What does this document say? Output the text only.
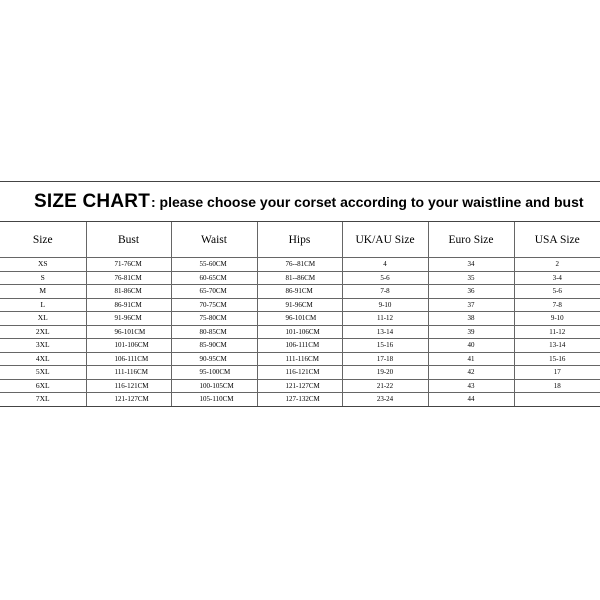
SIZE CHART : please choose your corset according to your waistline and bust
Size	Bust	Waist	Hips	UK/AU Size	Euro Size	USA Size
XS	71-76CM	55-60CM	76--81CM	4	34	2
S	76-81CM	60-65CM	81--86CM	5-6	35	3-4
M	81-86CM	65-70CM	86-91CM	7-8	36	5-6
L	86-91CM	70-75CM	91-96CM	9-10	37	7-8
XL	91-96CM	75-80CM	96-101CM	11-12	38	9-10
2XL	96-101CM	80-85CM	101-106CM	13-14	39	11-12
3XL	101-106CM	85-90CM	106-111CM	15-16	40	13-14
4XL	106-111CM	90-95CM	111-116CM	17-18	41	15-16
5XL	111-116CM	95-100CM	116-121CM	19-20	42	17
6XL	116-121CM	100-105CM	121-127CM	21-22	43	18
7XL	121-127CM	105-110CM	127-132CM	23-24	44	
